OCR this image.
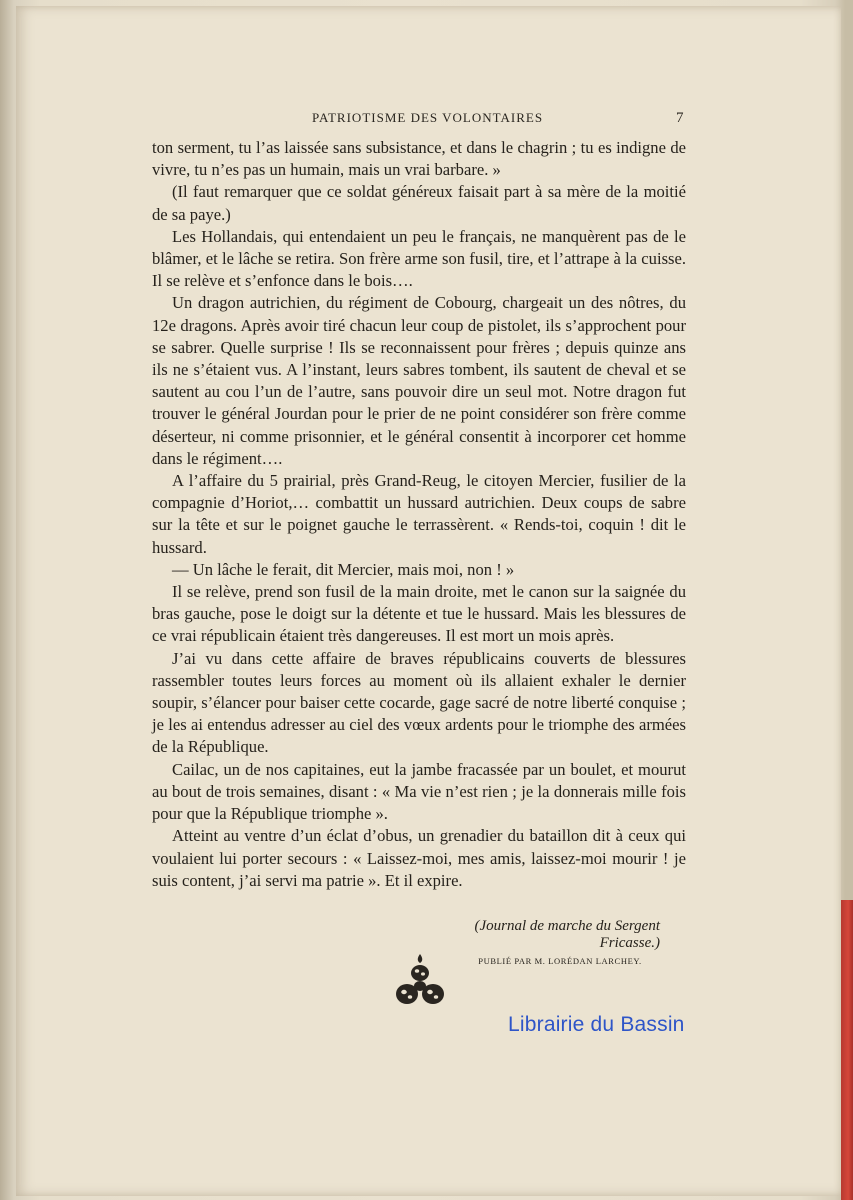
PATRIOTISME DES VOLONTAIRES	7

ton serment, tu l’as laissée sans subsistance, et dans le chagrin ; tu es indigne de vivre, tu n’es pas un humain, mais un vrai barbare. »

(Il faut remarquer que ce soldat généreux faisait part à sa mère de la moitié de sa paye.)

Les Hollandais, qui entendaient un peu le français, ne manquèrent pas de le blâmer, et le lâche se retira. Son frère arme son fusil, tire, et l’attrape à la cuisse. Il se relève et s’enfonce dans le bois….

Un dragon autrichien, du régiment de Cobourg, chargeait un des nôtres, du 12e dragons. Après avoir tiré chacun leur coup de pistolet, ils s’approchent pour se sabrer. Quelle surprise ! Ils se reconnaissent pour frères ; depuis quinze ans ils ne s’étaient vus. A l’instant, leurs sabres tombent, ils sautent de cheval et se sautent au cou l’un de l’autre, sans pouvoir dire un seul mot. Notre dragon fut trouver le général Jourdan pour le prier de ne point considérer son frère comme déserteur, ni comme prisonnier, et le général consentit à incorporer cet homme dans le régiment….

A l’affaire du 5 prairial, près Grand-Reug, le citoyen Mercier, fusilier de la compagnie d’Horiot,… combattit un hussard autrichien. Deux coups de sabre sur la tête et sur le poignet gauche le terrassèrent. « Rends-toi, coquin ! dit le hussard.

— Un lâche le ferait, dit Mercier, mais moi, non ! »

Il se relève, prend son fusil de la main droite, met le canon sur la saignée du bras gauche, pose le doigt sur la détente et tue le hussard. Mais les blessures de ce vrai républicain étaient très dangereuses. Il est mort un mois après.

J’ai vu dans cette affaire de braves républicains couverts de blessures rassembler toutes leurs forces au moment où ils allaient exhaler le dernier soupir, s’élancer pour baiser cette cocarde, gage sacré de notre liberté conquise ; je les ai entendus adresser au ciel des vœux ardents pour le triomphe des armées de la République.

Cailac, un de nos capitaines, eut la jambe fracassée par un boulet, et mourut au bout de trois semaines, disant : « Ma vie n’est rien ; je la donnerais mille fois pour que la République triomphe ».

Atteint au ventre d’un éclat d’obus, un grenadier du bataillon dit à ceux qui voulaient lui porter secours : « Laissez-moi, mes amis, laissez-moi mourir ! je suis content, j’ai servi ma patrie ». Et il expire.

(Journal de marche du Sergent Fricasse.)
PUBLIÉ PAR M. LORÉDAN LARCHEY.
Librairie du Bassin
